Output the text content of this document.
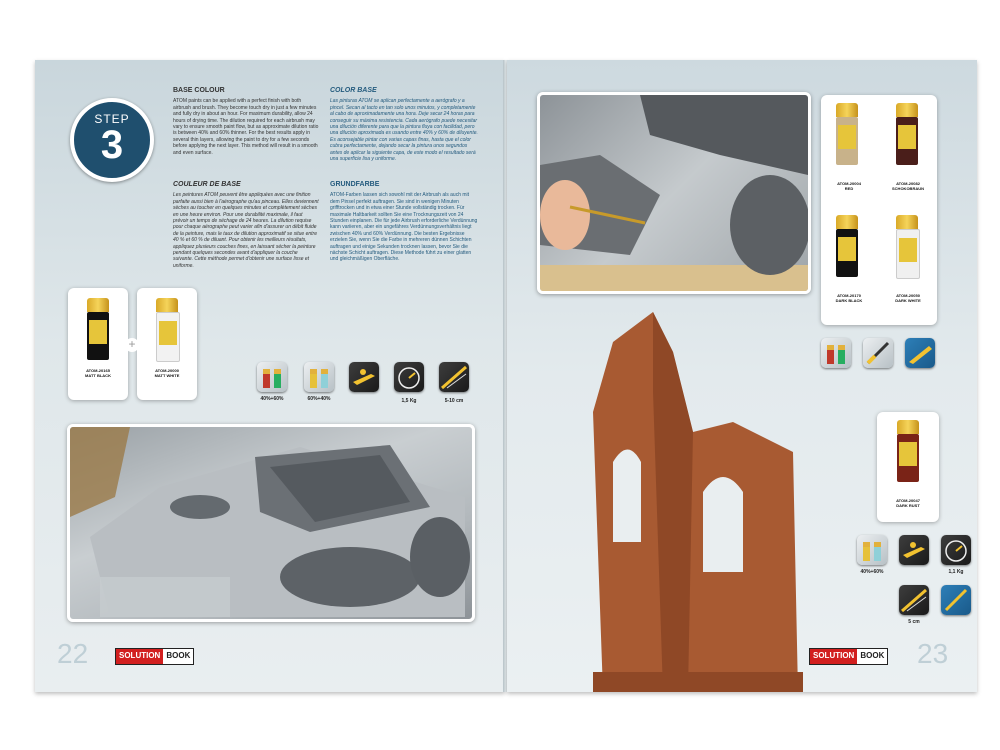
STEP
3
BASE COLOUR

ATOM paints can be applied with a perfect finish with both airbrush and brush. They become touch dry in just a few minutes and fully dry in about an hour. For maximum durability, allow 24 hours of drying time. The dilution required for each airbrush may vary to ensure smooth paint flow, but as approximate dilution ratio is between 40% and 60% thinner. For the best results apply in several thin layers, allowing the paint to dry for a few seconds before applying the next layer. This method will result in a smooth and even surface.

COLOR BASE

Las pinturas ATOM se aplican perfectamente a aerógrafo y a pincel. Secan al tacto en tan solo unos minutos, y completamente al cabo de aproximadamente una hora. Deje secar 24 horas para conseguir su máxima resistencia. Cada aerógrafo puede necesitar una dilución diferente para que la pintura fluya con facilidad, pero una dilución aproximada es usando entre 40% y 60% de diluyente. Es aconsejable pintar con varias capas finas, hasta que el color cubra perfectamente, dejando secar la pintura unos segundos antes de aplicar la siguiente capa, de este modo el resultado será una superficie lisa y uniforme.

COULEUR DE BASE

Les peintures ATOM peuvent être appliquées avec une finition parfaite aussi bien à l'aérographe qu'au pinceau. Elles deviennent sèches au toucher en quelques minutes et complètement sèches en une heure environ. Pour une durabilité maximale, il faut prévoir un temps de séchage de 24 heures. La dilution requise pour chaque aérographe peut varier afin d'assurer un débit fluide de la peinture, mais le taux de dilution approximatif se situe entre 40 % et 60 % de diluant. Pour obtenir les meilleurs résultats, appliquez plusieurs couches fines, en laissant sécher la peinture pendant quelques secondes avant d'appliquer la couche suivante. Cette méthode permet d'obtenir une surface lisse et uniforme.

GRUNDFARBE

ATOM-Farben lassen sich sowohl mit der Airbrush als auch mit dem Pinsel perfekt auftragen. Sie sind in wenigen Minuten grifftrocken und in etwa einer Stunde vollständig trocken. Für maximale Haltbarkeit sollten Sie eine Trocknungszeit von 24 Stunden einplanen. Die für jede Airbrush erforderliche Verdünnung kann variieren, aber ein ungefähres Verdünnungsverhältnis liegt zwischen 40% und 60% Verdünnung. Die besten Ergebnisse erzielen Sie, wenn Sie die Farbe in mehreren dünnen Schichten auftragen und einige Sekunden trocknen lassen, bevor Sie die nächste Schicht auftragen. Diese Methode führt zu einer glatten und gleichmäßigen Oberfläche.

ATOM-20165
MATT BLACK
ATOM-20000
MATT WHITE
+
40%+60%	60%+40%	1,5 Kg	5-10 cm
22	SOLUTION BOOK
ATOM-20004
RED
ATOM-20082
SCHOKOBRAUN
ATOM-20170
DARK BLACK
ATOM-20050
DARK WHITE
ATOM-20047
DARK RUST
40%+60%	1,1 Kg
5 cm
SOLUTION BOOK 23
